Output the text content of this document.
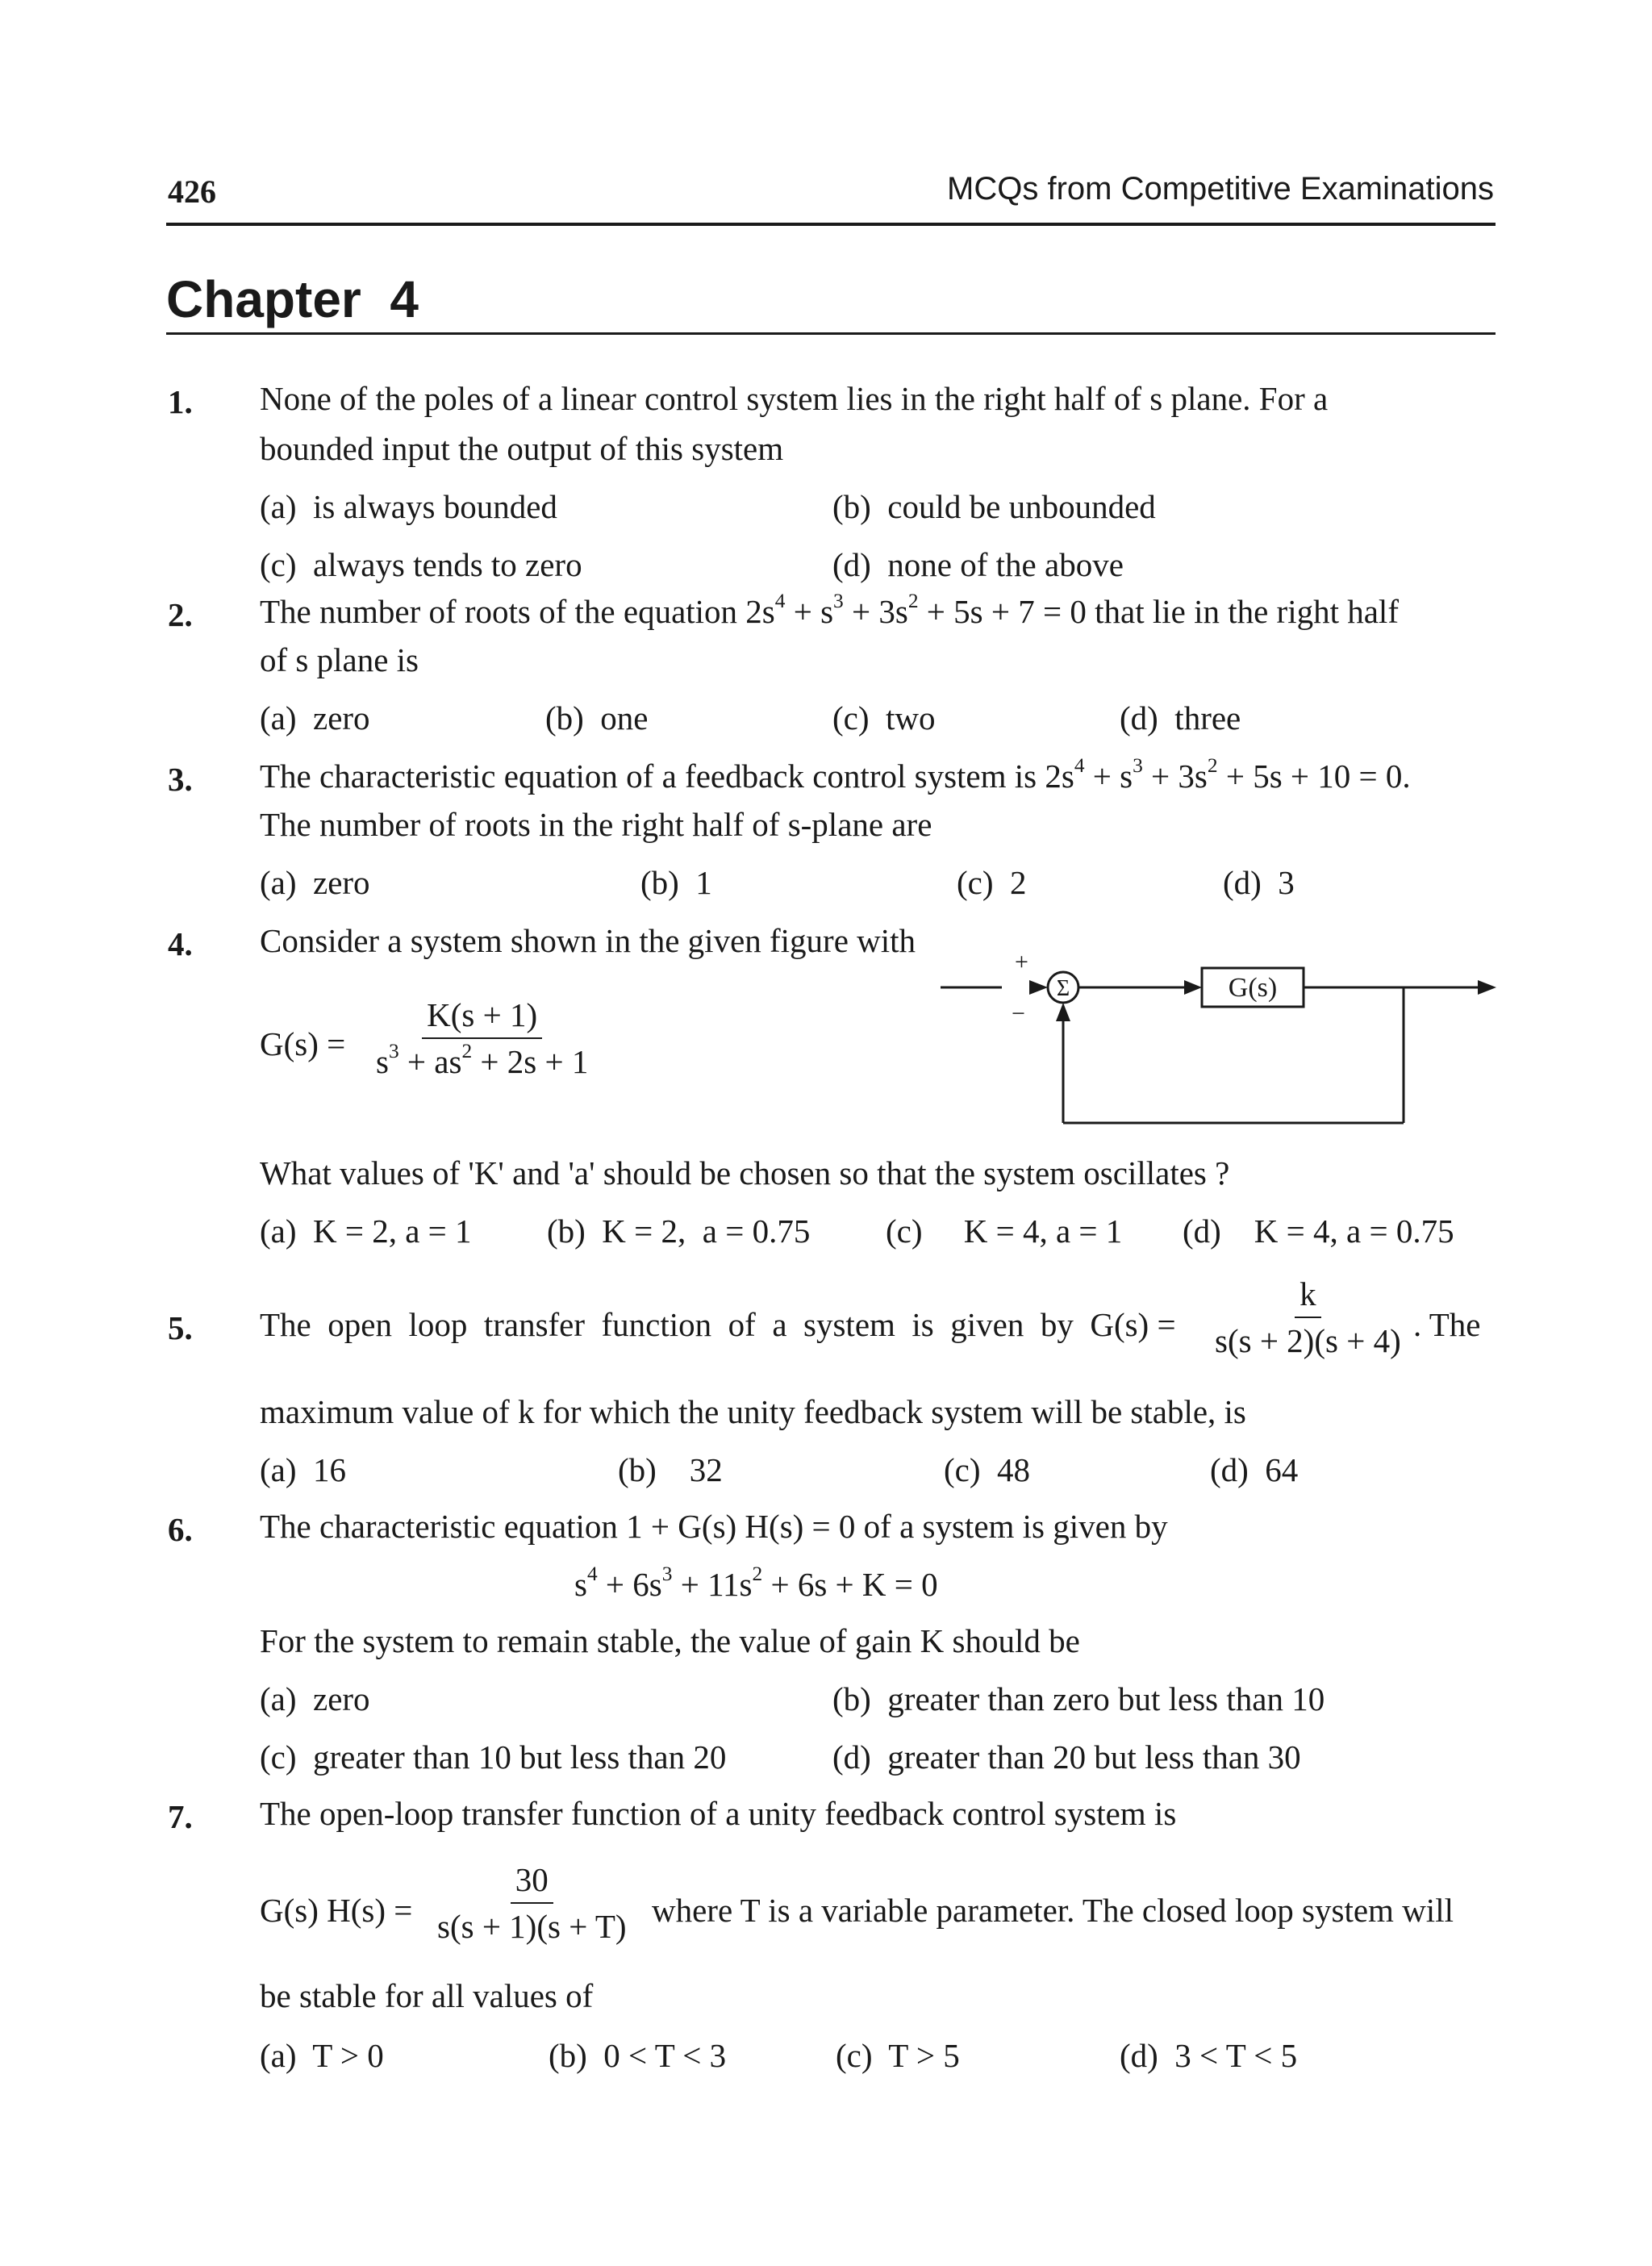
426	MCQs from Competitive Examinations
Chapter  4
1. None of the poles of a linear control system lies in the right half of s plane. For a
bounded input the output of this system
(a)  is always bounded	(b)  could be unbounded
(c)  always tends to zero	(d)  none of the above
2. The number of roots of the equation $2s^4 + s^3 + 3s^2 + 5s + 7 = 0$ that lie in the right half
of s plane is
(a)  zero	(b)  one	(c)  two	(d)  three
3. The characteristic equation of a feedback control system is $2s^4 + s^3 + 3s^2 + 5s + 10 = 0$.
The number of roots in the right half of s-plane are
(a)  zero	(b)  1	(c)  2	(d)  3
4. Consider a system shown in the given figure with
$G(s) = \frac{K(s + 1)}{s^3 + as^2 + 2s + 1}$
+
−
Σ	G(s)
What values of 'K' and 'a' should be chosen so that the system oscillates ?
(a)  K = 2, a = 1 (b)  K = 2,  a = 0.75 (c)     K = 4, a = 1 (d)    K = 4, a = 0.75
5. The  open  loop  transfer  function  of  a  system  is  given  by  $G(s) = \frac{k}{s(s + 2)(s + 4)}$ . The
maximum value of k for which the unity feedback system will be stable, is
(a)  16	(b)    32	(c)  48	(d)  64
6. The characteristic equation 1 + G(s) H(s) = 0 of a system is given by
$s^4 + 6s^3 + 11s^2 + 6s + K = 0$
For the system to remain stable, the value of gain K should be
(a)  zero	(b)  greater than zero but less than 10
(c)  greater than 10 but less than 20	(d)  greater than 20 but less than 30
7. The open-loop transfer function of a unity feedback control system is
G(s) $H(s) = \frac{30}{s(s + 1)(s + T)}$ where T is a variable parameter. The closed loop system will
be stable for all values of
(a)  T > 0	(b)  0 < T < 3	(c)  T > 5	(d)  3 < T < 5
